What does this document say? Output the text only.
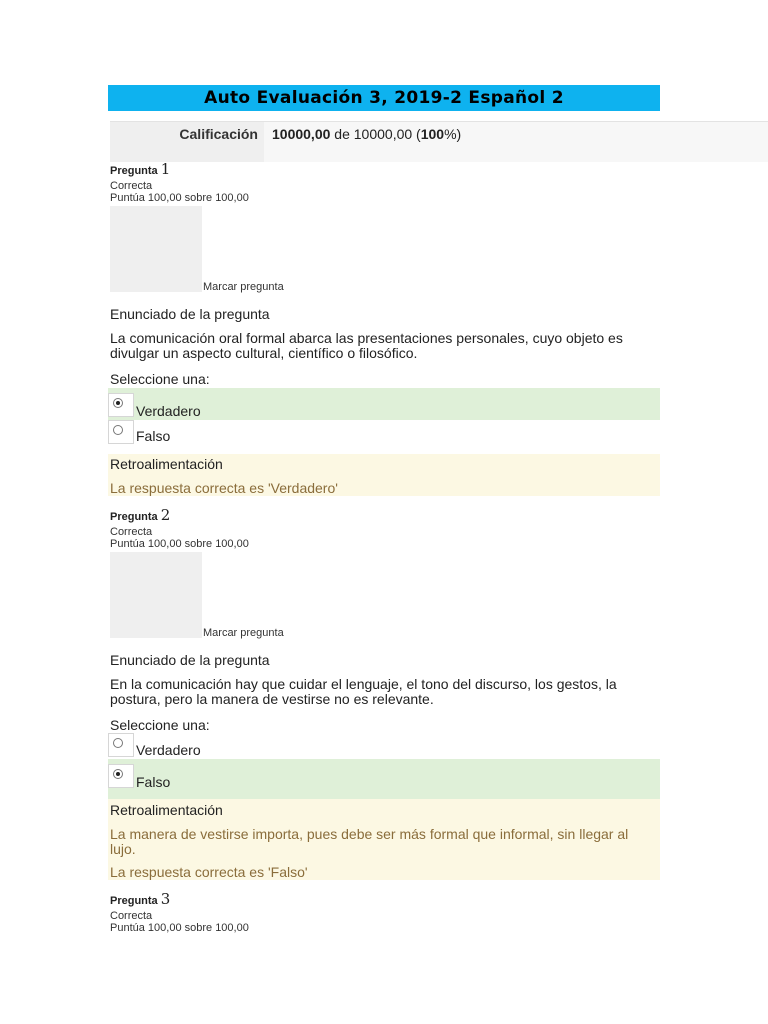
Auto Evaluación 3, 2019-2 Español 2
Calificación	10000,00 de 10000,00 (100%)
Pregunta 1
Correcta
Puntúa 100,00 sobre 100,00
Marcar pregunta
Enunciado de la pregunta
La comunicación oral formal abarca las presentaciones personales, cuyo objeto es divulgar un aspecto cultural, científico o filosófico.
Seleccione una:
Verdadero
Falso
Retroalimentación
La respuesta correcta es 'Verdadero'
Pregunta 2
Correcta
Puntúa 100,00 sobre 100,00
Marcar pregunta
Enunciado de la pregunta
En la comunicación hay que cuidar el lenguaje, el tono del discurso, los gestos, la postura, pero la manera de vestirse no es relevante.
Seleccione una:
Verdadero
Falso
Retroalimentación
La manera de vestirse importa, pues debe ser más formal que informal, sin llegar al lujo.
La respuesta correcta es 'Falso'
Pregunta 3
Correcta
Puntúa 100,00 sobre 100,00
